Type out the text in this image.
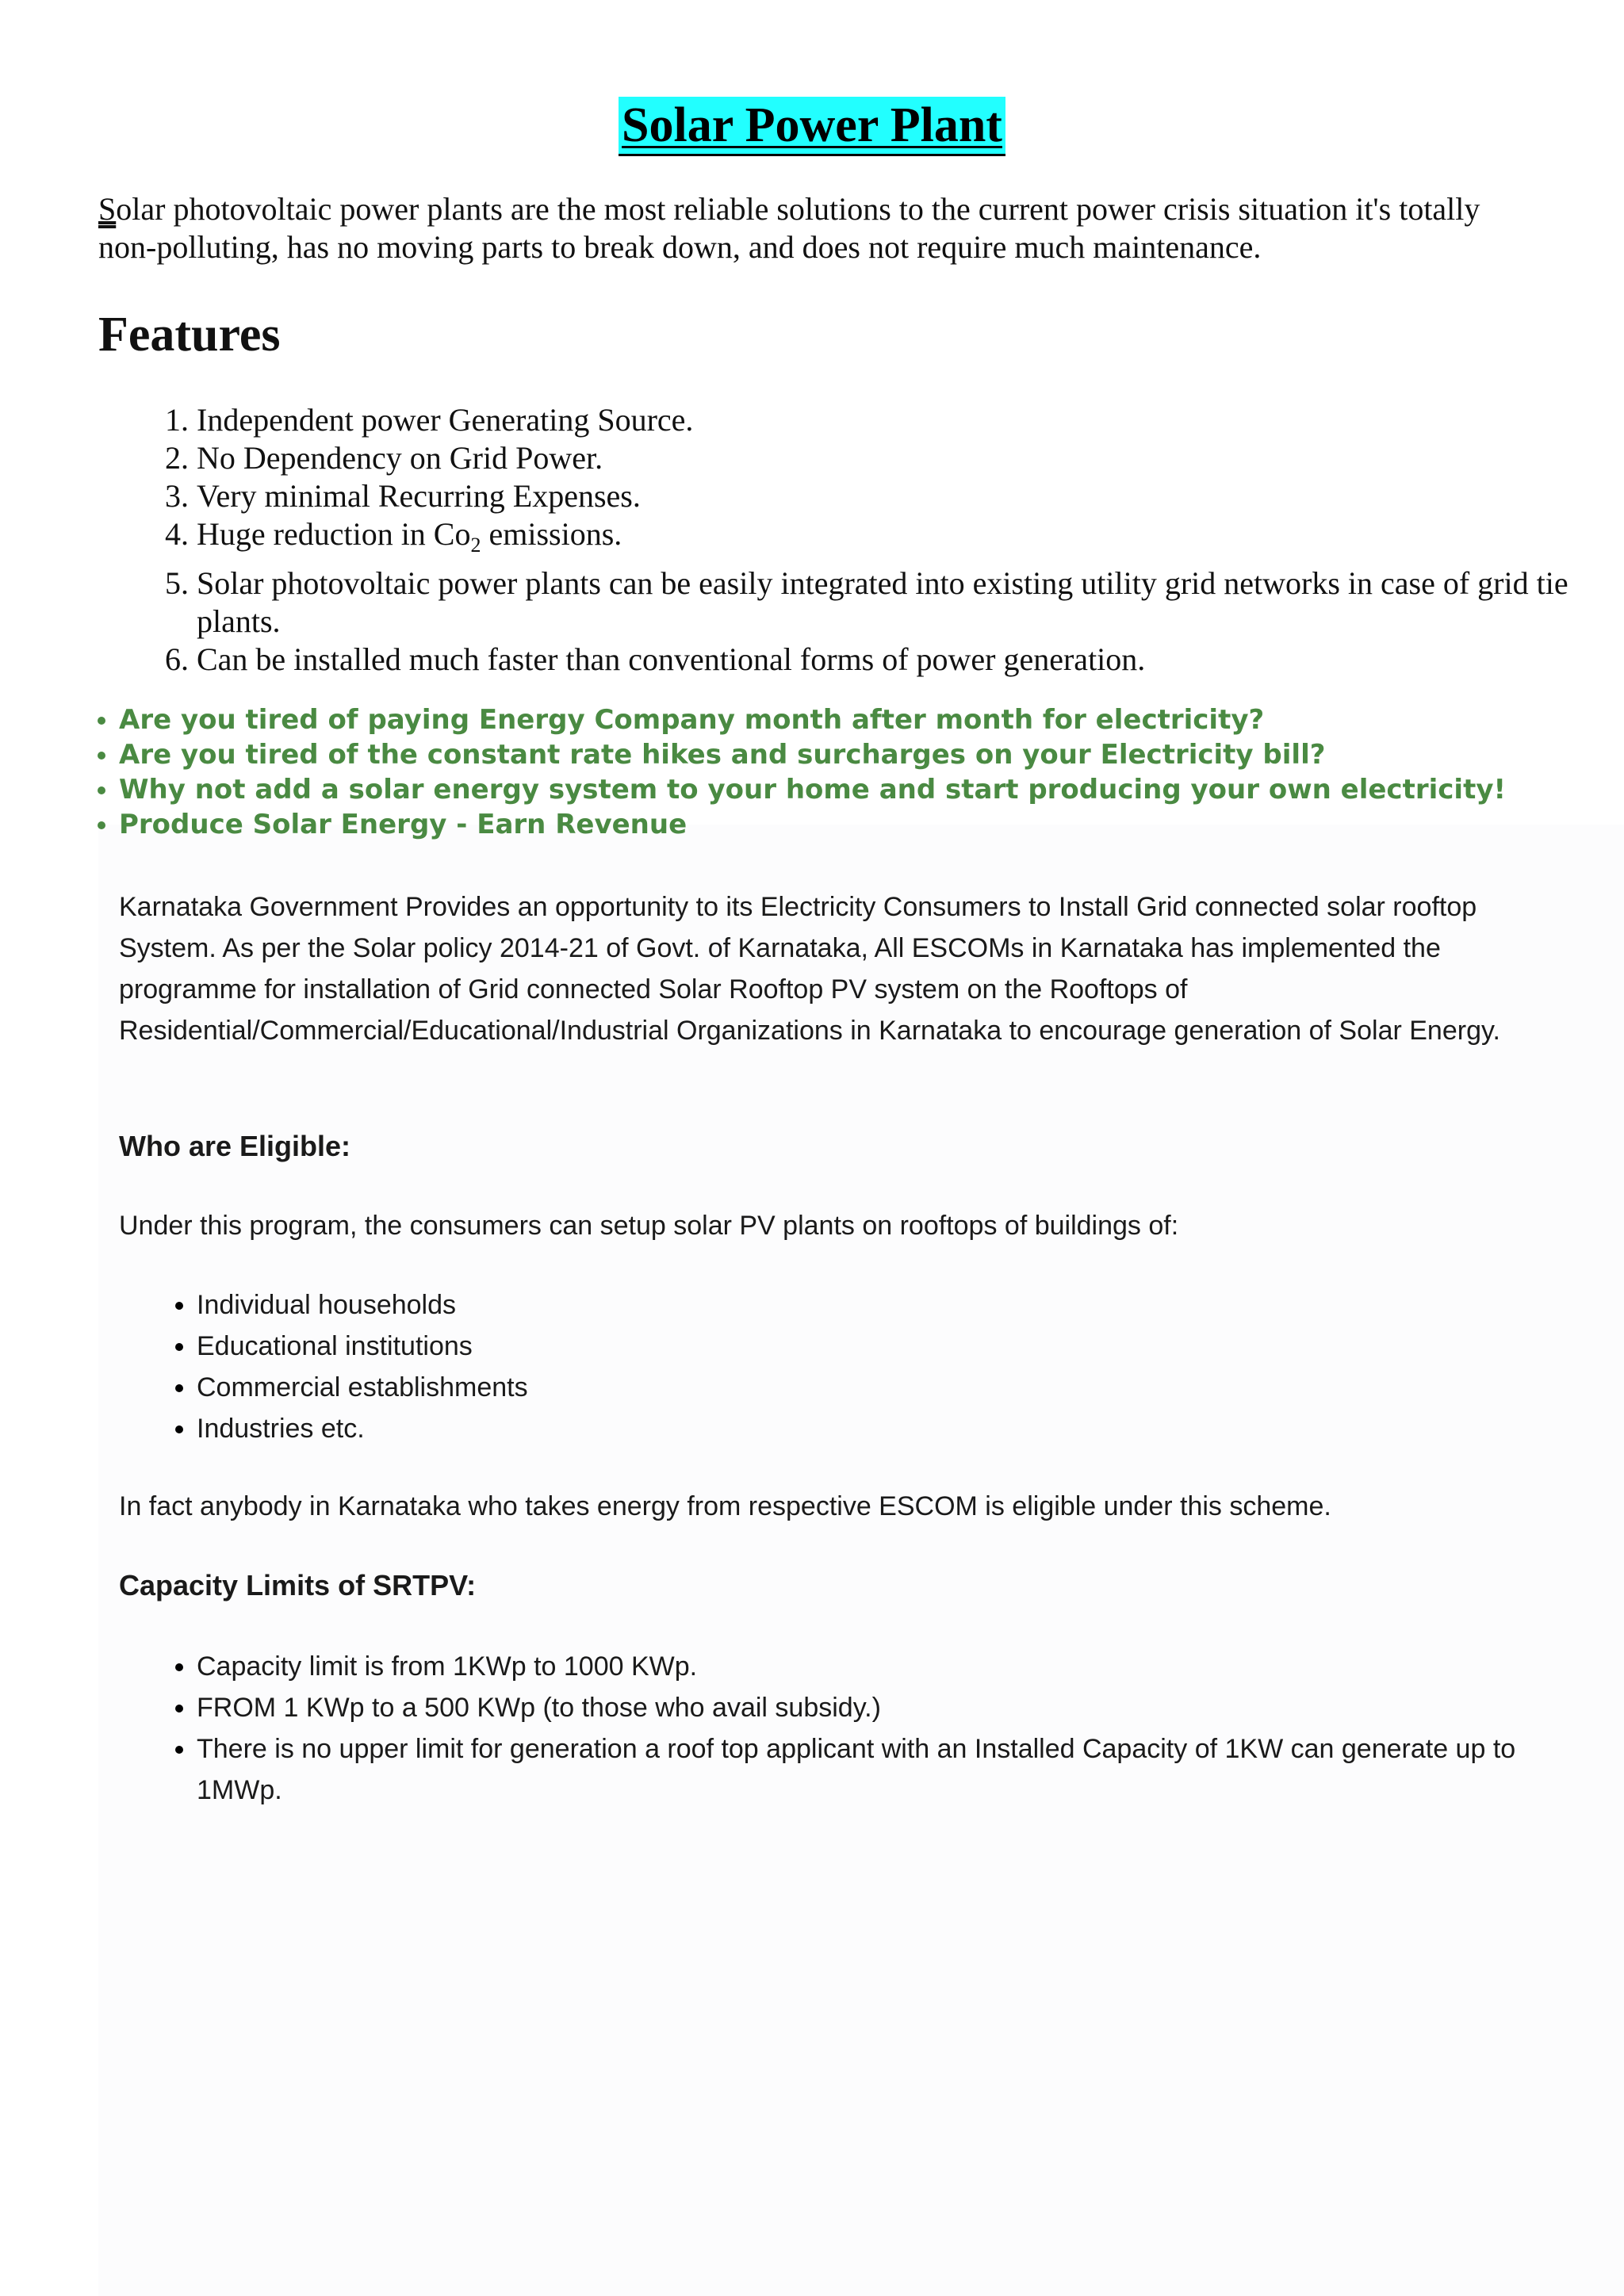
Solar Power Plant
Solar photovoltaic power plants are the most reliable solutions to the current power crisis situation it's totally non-polluting, has no moving parts to break down, and does not require much maintenance.
Features
1. Independent power Generating Source.
2. No Dependency on Grid Power.
3. Very minimal Recurring Expenses.
4. Huge reduction in $Co_2$ emissions.
5. Solar photovoltaic power plants can be easily integrated into existing utility grid networks in case of grid tie plants.
6. Can be installed much faster than conventional forms of power generation.
• Are you tired of paying Energy Company month after month for electricity?
• Are you tired of the constant rate hikes and surcharges on your Electricity bill?
• Why not add a solar energy system to your home and start producing your own electricity!
• Produce Solar Energy - Earn Revenue
Karnataka Government Provides an opportunity to its Electricity Consumers to Install Grid connected solar rooftop System. As per the Solar policy 2014-21 of Govt. of Karnataka, All ESCOMs in Karnataka has implemented the programme for installation of Grid connected Solar Rooftop PV system on the Rooftops of Residential/Commercial/Educational/Industrial Organizations in Karnataka to encourage generation of Solar Energy.
Who are Eligible:

Under this program, the consumers can setup solar PV plants on rooftops of buildings of:

• Individual households
• Educational institutions
• Commercial establishments
• Industries etc.

In fact anybody in Karnataka who takes energy from respective ESCOM is eligible under this scheme.

Capacity Limits of SRTPV:
• Capacity limit is from 1KWp to 1000 KWp.
• FROM 1 KWp to a 500 KWp (to those who avail subsidy.)
• There is no upper limit for generation a roof top applicant with an Installed Capacity of 1KW can generate up to 1MWp.
